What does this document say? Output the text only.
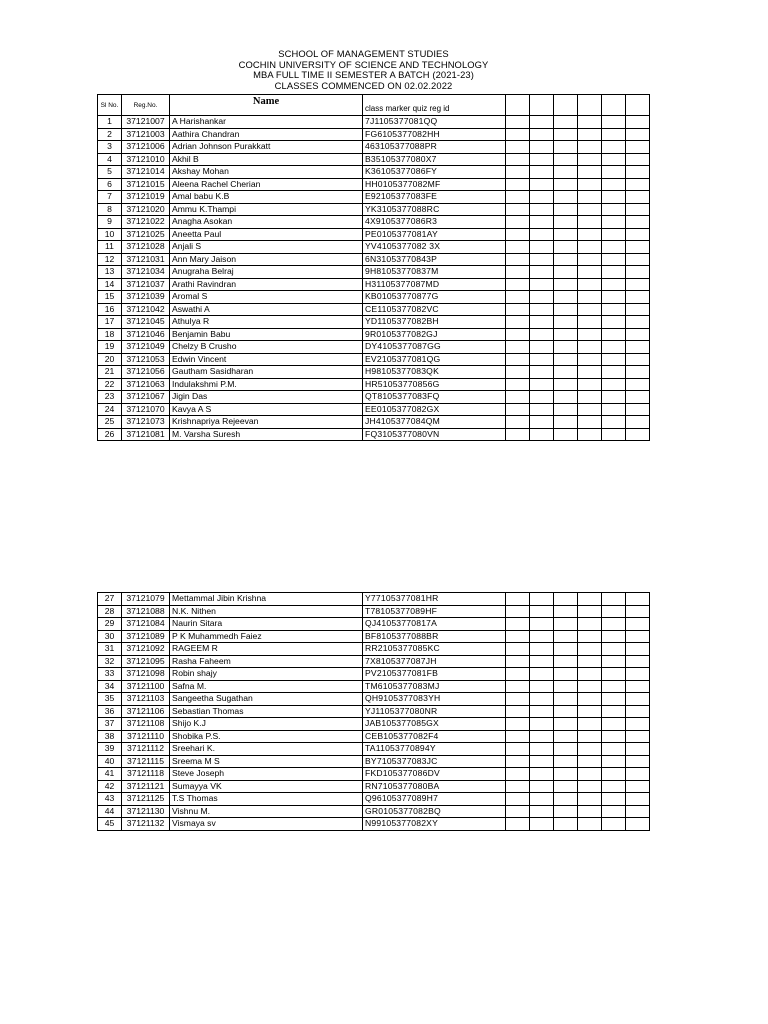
SCHOOL OF MANAGEMENT STUDIES
COCHIN UNIVERSITY OF SCIENCE AND TECHNOLOGY
MBA FULL TIME II SEMESTER A BATCH (2021-23)
CLASSES COMMENCED ON 02.02.2022
Sl No.	Reg.No.	Name	class marker quiz reg id						
1	37121007	A Harishankar	7J1105377081QQ						
2	37121003	Aathira Chandran	FG6105377082HH						
3	37121006	Adrian Johnson Purakkatt	463105377088PR						
4	37121010	Akhil B	B35105377080X7						
5	37121014	Akshay Mohan	K36105377086FY						
6	37121015	Aleena Rachel Cherian	HH0105377082MF						
7	37121019	Amal babu K.B	E92105377083FE						
8	37121020	Ammu K.Thampi	YK3105377088RC						
9	37121022	Anagha Asokan	4X9105377086R3						
10	37121025	Aneetta Paul	PE0105377081AY						
11	37121028	Anjali S	YV4105377082 3X						
12	37121031	Ann Mary Jaison	6N31053770843P						
13	37121034	Anugraha Belraj	9H81053770837M						
14	37121037	Arathi Ravindran	H31105377087MD						
15	37121039	Aromal S	KB01053770877G						
16	37121042	Aswathi A	CE1105377082VC						
17	37121045	Athulya R	YD1105377082BH						
18	37121046	Benjamin Babu	9R0105377082GJ						
19	37121049	Chelzy B Crusho	DY4105377087GG						
20	37121053	Edwin Vincent	EV2105377081QG						
21	37121056	Gautham Sasidharan	H98105377083QK						
22	37121063	Indulakshmi P.M.	HR51053770856G						
23	37121067	Jigin Das	QT8105377083FQ						
24	37121070	Kavya A S	EE0105377082GX						
25	37121073	Krishnapriya Rejeevan	JH4105377084QM						
26	37121081	M. Varsha Suresh	FQ3105377080VN						
27	37121079	Mettammal Jibin Krishna	Y77105377081HR						
28	37121088	N.K. Nithen	T78105377089HF						
29	37121084	Naurin Sitara	QJ41053770817A						
30	37121089	P K Muhammedh Faiez	BF8105377088BR						
31	37121092	RAGEEM R	RR2105377085KC						
32	37121095	Rasha Faheem	7X8105377087JH						
33	37121098	Robin shajy	PV2105377081FB						
34	37121100	Safna M.	TM6105377083MJ						
35	37121103	Sangeetha Sugathan	QH9105377083YH						
36	37121106	Sebastian Thomas	YJ1105377080NR						
37	37121108	Shijo K.J	JAB105377085GX						
38	37121110	Shobika P.S.	CEB105377082F4						
39	37121112	Sreehari K.	TA11053770894Y						
40	37121115	Sreema M S	BY7105377083JC						
41	37121118	Steve Joseph	FKD105377086DV						
42	37121121	Sumayya VK	RN7105377080BA						
43	37121125	T.S Thomas	Q96105377089H7						
44	37121130	Vishnu M.	GR0105377082BQ						
45	37121132	Vismaya sv	N99105377082XY						
